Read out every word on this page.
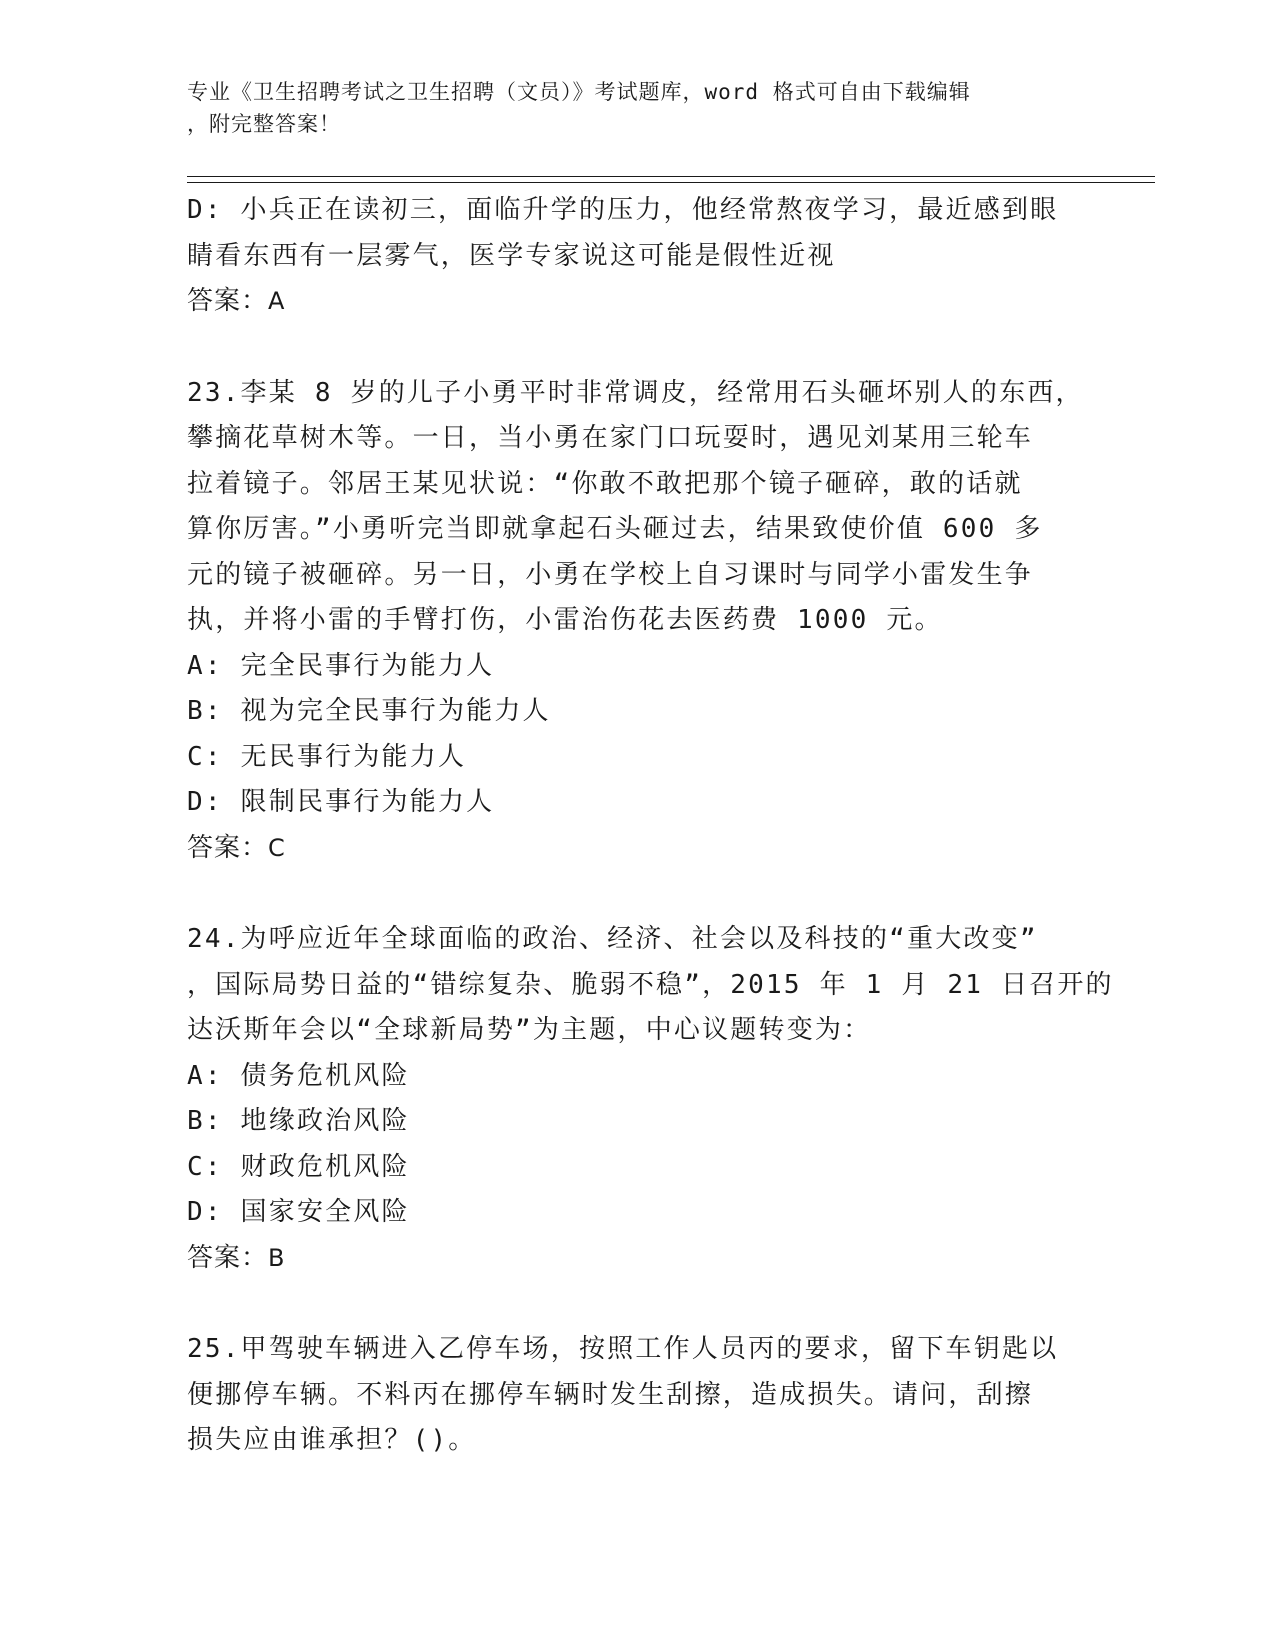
专业《卫生招聘考试之卫生招聘（文员）》考试题库，word 格式可自由下载编辑
，附完整答案！

D: 小兵正在读初三，面临升学的压力，他经常熬夜学习，最近感到眼
睛看东西有一层雾气，医学专家说这可能是假性近视

答案：A

23.李某 8 岁的儿子小勇平时非常调皮，经常用石头砸坏别人的东西，
攀摘花草树木等。一日，当小勇在家门口玩耍时，遇见刘某用三轮车
拉着镜子。邻居王某见状说：“你敢不敢把那个镜子砸碎，敢的话就
算你厉害。”小勇听完当即就拿起石头砸过去，结果致使价值 600 多
元的镜子被砸碎。另一日，小勇在学校上自习课时与同学小雷发生争
执，并将小雷的手臂打伤，小雷治伤花去医药费 1000 元。

A: 完全民事行为能力人

B: 视为完全民事行为能力人

C: 无民事行为能力人

D: 限制民事行为能力人

答案：C

24.为呼应近年全球面临的政治、经济、社会以及科技的“重大改变”
，国际局势日益的“错综复杂、脆弱不稳”，2015 年 1 月 21 日召开的
达沃斯年会以“全球新局势”为主题，中心议题转变为：

A: 债务危机风险

B: 地缘政治风险

C: 财政危机风险

D: 国家安全风险

答案：B

25.甲驾驶车辆进入乙停车场，按照工作人员丙的要求，留下车钥匙以
便挪停车辆。不料丙在挪停车辆时发生刮擦，造成损失。请问，刮擦
损失应由谁承担？()。
